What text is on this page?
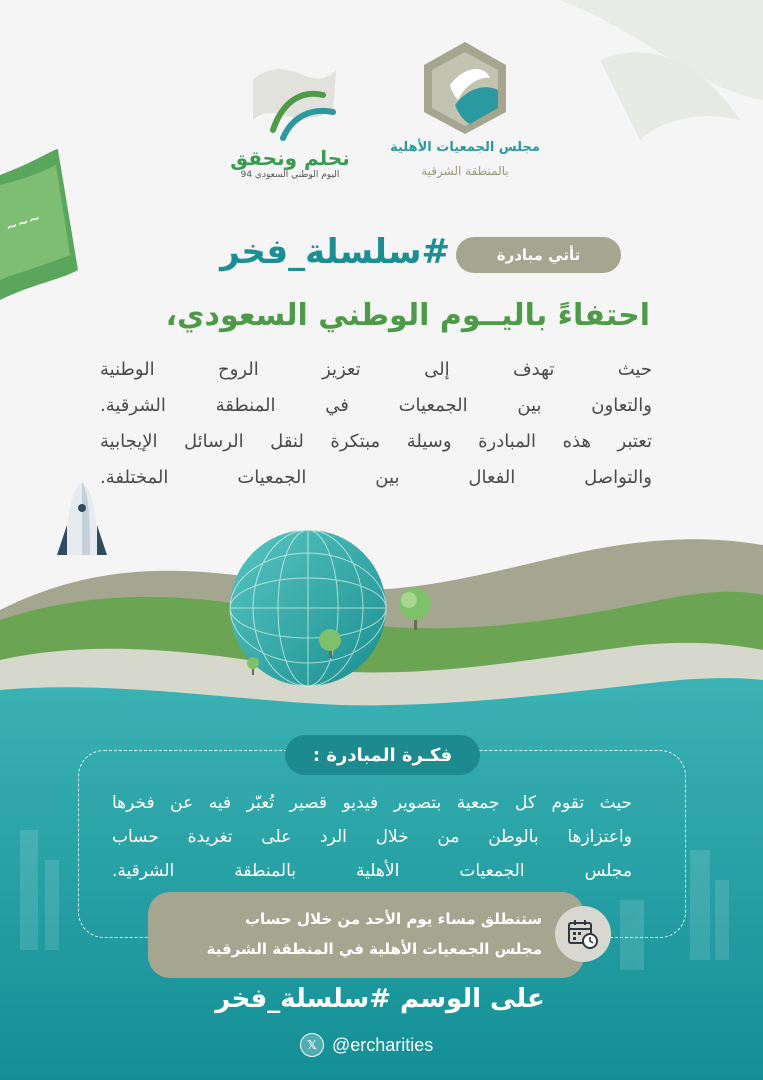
~~~
مجلس الجمعيات الأهلية
بالمنطقة الشرقية
نحلم ونحقق
اليوم الوطني السعودي 94
تأتي مبادرة
#سلسلة_فخر
احتفاءً باليــوم الوطني السعودي،
حيث تهدف إلى تعزيز الروح الوطنية
والتعاون بين الجمعيات في المنطقة الشرقية.
تعتبر هذه المبادرة وسيلة مبتكرة لنقل الرسائل الإيجابية
والتواصل الفعال بين الجمعيات المختلفة.
فكـرة المبادرة :
حيث تقوم كل جمعية بتصوير فيديو قصير تُعبّر فيه عن فخرها
واعتزازها بالوطن من خلال الرد على تغريدة حساب
مجلس الجمعيات الأهلية بالمنطقة الشرقية.
ستنطلق مساء يوم الأحد من خلال حساب
مجلس الجمعيات الأهلية في المنطقة الشرقية
على الوسم #سلسلة_فخر
𝕏 @ercharities
